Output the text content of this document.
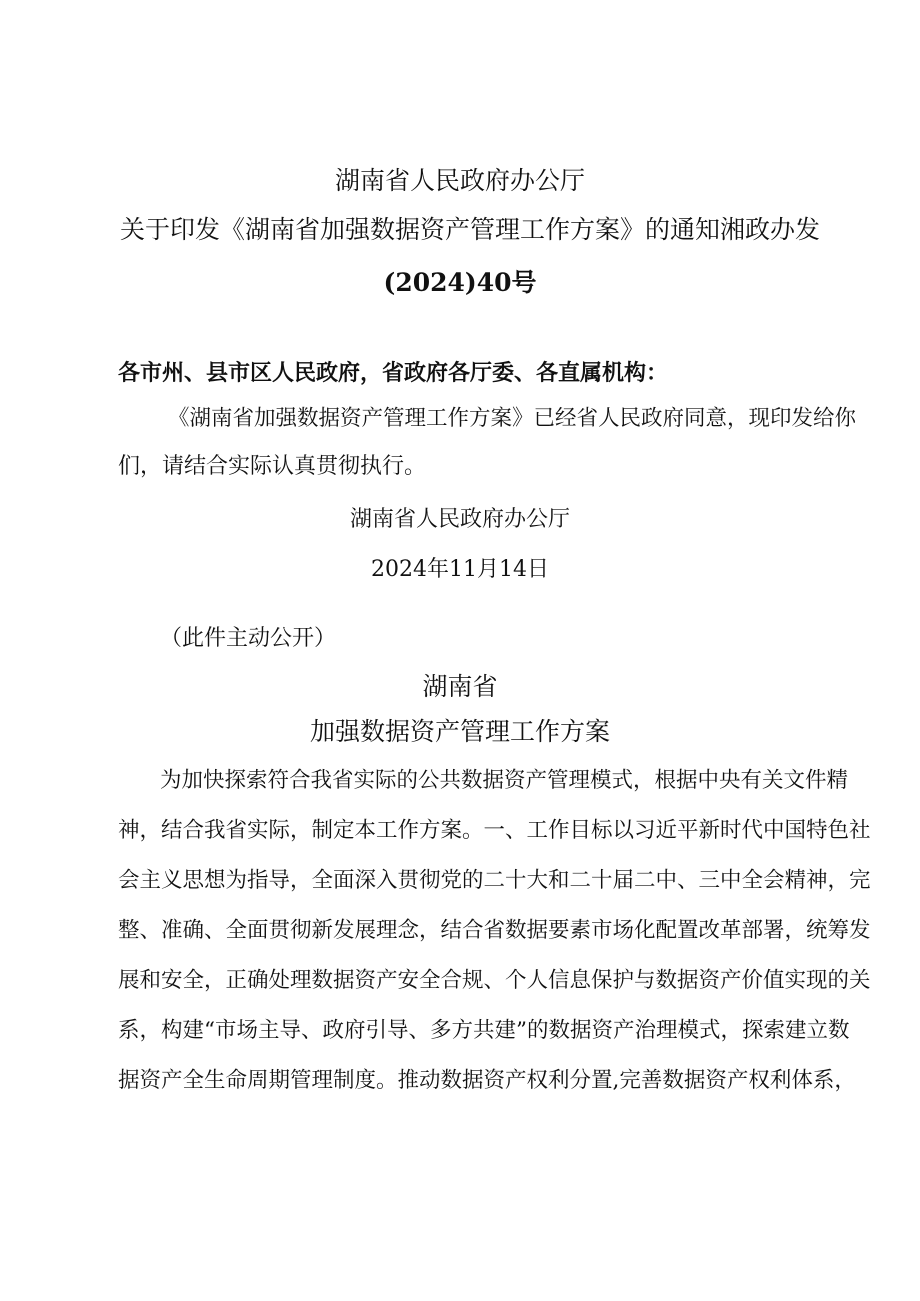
湖南省人民政府办公厅
关于印发《湖南省加强数据资产管理工作方案》的通知湘政办发
(2024)40号
各市州、县市区人民政府，省政府各厅委、各直属机构：
《湖南省加强数据资产管理工作方案》已经省人民政府同意，现印发给你
们，请结合实际认真贯彻执行。
湖南省人民政府办公厅
2024年11月14日
（此件主动公开）
湖南省
加强数据资产管理工作方案
为加快探索符合我省实际的公共数据资产管理模式，根据中央有关文件精
神，结合我省实际，制定本工作方案。一、工作目标以习近平新时代中国特色社
会主义思想为指导，全面深入贯彻党的二十大和二十届二中、三中全会精神，完
整、准确、全面贯彻新发展理念，结合省数据要素市场化配置改革部署，统筹发
展和安全，正确处理数据资产安全合规、个人信息保护与数据资产价值实现的关
系，构建“市场主导、政府引导、多方共建”的数据资产治理模式，探索建立数
据资产全生命周期管理制度。推动数据资产权利分置,完善数据资产权利体系，
